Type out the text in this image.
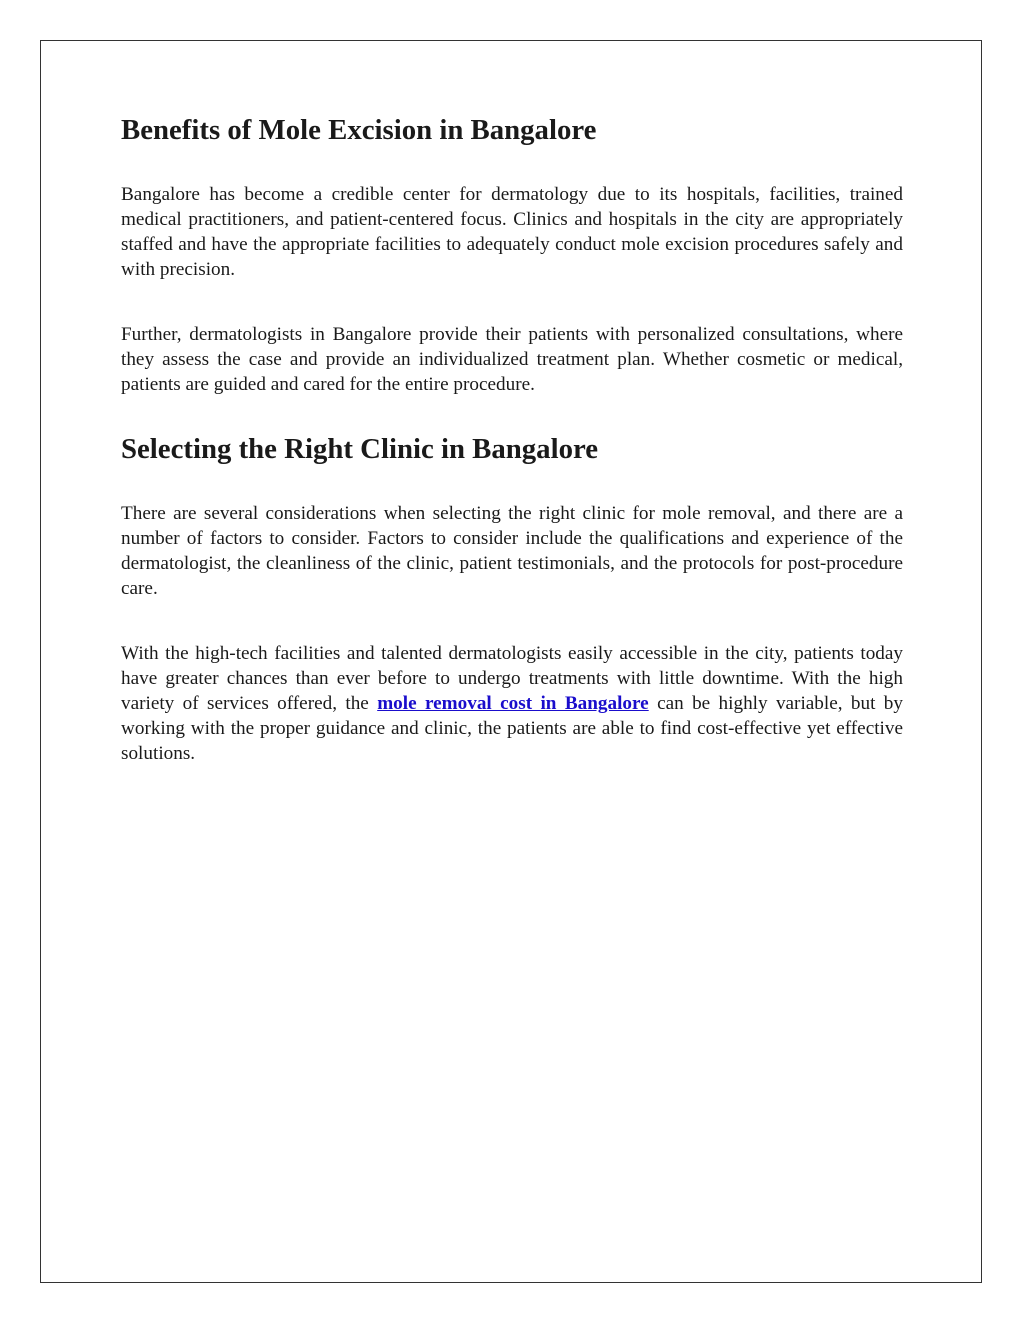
Benefits of Mole Excision in Bangalore

Bangalore has become a credible center for dermatology due to its hospitals, facilities, trained medical practitioners, and patient-centered focus. Clinics and hospitals in the city are appropriately staffed and have the appropriate facilities to adequately conduct mole excision procedures safely and with precision.

Further, dermatologists in Bangalore provide their patients with personalized consultations, where they assess the case and provide an individualized treatment plan. Whether cosmetic or medical, patients are guided and cared for the entire procedure.

Selecting the Right Clinic in Bangalore

There are several considerations when selecting the right clinic for mole removal, and there are a number of factors to consider. Factors to consider include the qualifications and experience of the dermatologist, the cleanliness of the clinic, patient testimonials, and the protocols for post-procedure care.

With the high-tech facilities and talented dermatologists easily accessible in the city, patients today have greater chances than ever before to undergo treatments with little downtime. With the high variety of services offered, the mole removal cost in Bangalore can be highly variable, but by working with the proper guidance and clinic, the patients are able to find cost-effective yet effective solutions.
